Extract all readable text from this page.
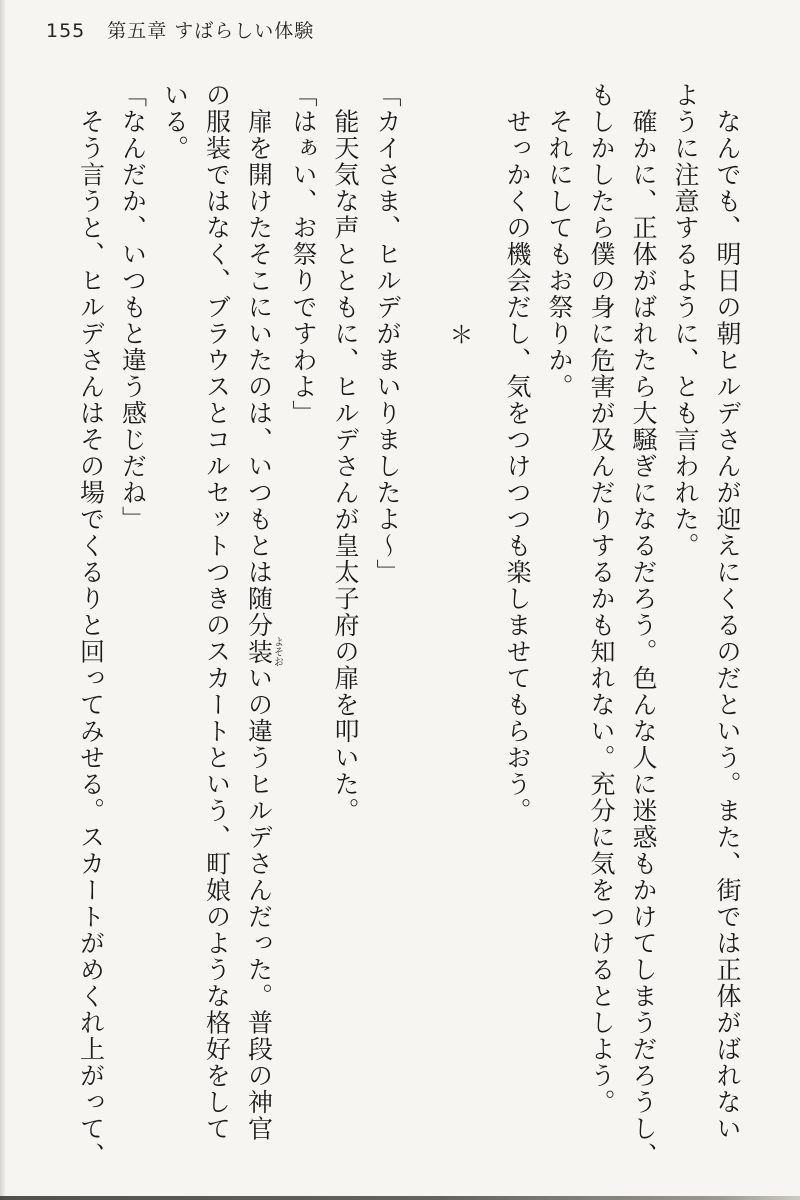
155 第五章 すばらしい体験
　なんでも、明日の朝ヒルデさんが迎えにくるのだという。また、街では正体がばれない
ように注意するように、とも言われた。
　確かに、正体がばれたら大騒ぎになるだろう。色んな人に迷惑もかけてしまうだろうし、
もしかしたら僕の身に危害が及んだりするかも知れない。充分に気をつけるとしよう。
　それにしてもお祭りか。
　せっかくの機会だし、気をつけつつも楽しませてもらおう。
＊
「カイさま、ヒルデがまいりましたよ〜」
　能天気な声とともに、ヒルデさんが皇太子府の扉を叩いた。
「はぁい、お祭りですわよ」
　扉を開けたそこにいたのは、いつもとは随分装よそおいの違うヒルデさんだった。普段の神官
の服装ではなく、ブラウスとコルセットつきのスカートという、町娘のような格好をして
いる。
「なんだか、いつもと違う感じだね」
　そう言うと、ヒルデさんはその場でくるりと回ってみせる。スカートがめくれ上がって、
